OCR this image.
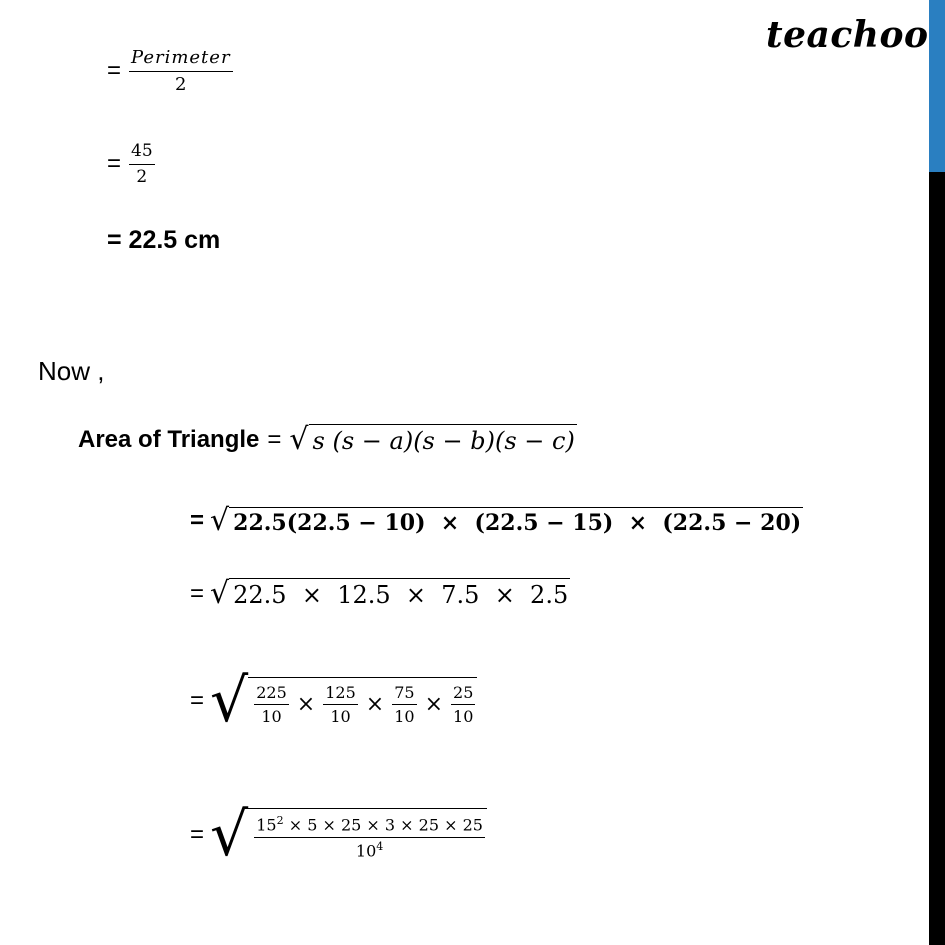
teachoo
= $\frac{\text{Perimeter}}{2}$
= $\frac{45}{2}$
= 22.5 cm
Now ,
Area of Triangle = √ s (s − a)(s − b)(s − c)
= √ 22.5(22.5 − 10)  ×  (22.5 − 15)  ×  (22.5 − 20)
= √ 22.5  ×  12.5  ×  7.5  ×  2.5
= √ $\frac{225}{10} \times \frac{125}{10} \times \frac{75}{10} \times \frac{25}{10}$
= √ $\frac{15^2 \times 5 \times 25 \times 3 \times 25 \times 25}{10^4}$
